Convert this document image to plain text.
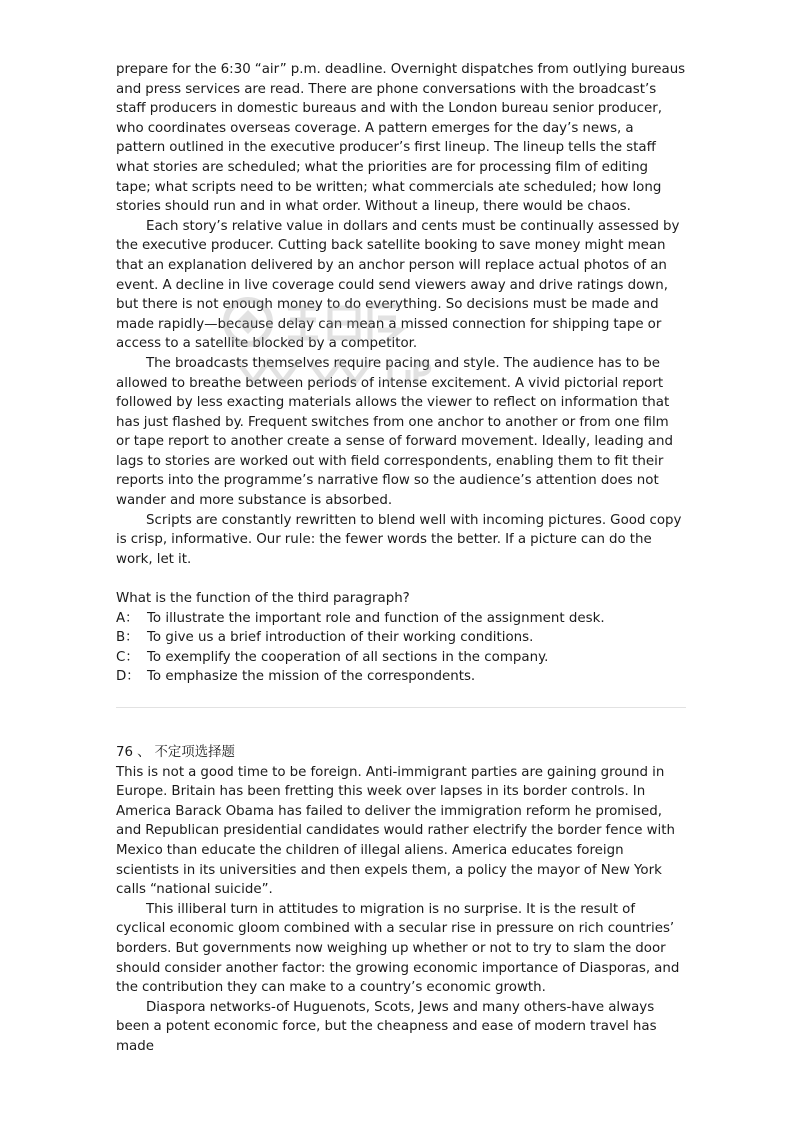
prepare for the 6:30 “air” p.m. deadline. Overnight dispatches from outlying bureaus and press services are read. There are phone conversations with the broadcast’s staff producers in domestic bureaus and with the London bureau senior producer, who coordinates overseas coverage. A pattern emerges for the day’s news, a pattern outlined in the executive producer’s first lineup. The lineup tells the staff what stories are scheduled; what the priorities are for processing film of editing tape; what scripts need to be written; what commercials ate scheduled; how long stories should run and in what order. Without a lineup, there would be chaos.

Each story’s relative value in dollars and cents must be continually assessed by the executive producer. Cutting back satellite booking to save money might mean that an explanation delivered by an anchor person will replace actual photos of an event. A decline in live coverage could send viewers away and drive ratings down, but there is not enough money to do everything. So decisions must be made and made rapidly—because delay can mean a missed connection for shipping tape or access to a satellite blocked by a competitor.

The broadcasts themselves require pacing and style. The audience has to be allowed to breathe between periods of intense excitement. A vivid pictorial report followed by less exacting materials allows the viewer to reflect on information that has just flashed by. Frequent switches from one anchor to another or from one film or tape report to another create a sense of forward movement. Ideally, leading and lags to stories are worked out with field correspondents, enabling them to fit their reports into the programme’s narrative flow so the audience’s attention does not wander and more substance is absorbed.

Scripts are constantly rewritten to blend well with incoming pictures. Good copy is crisp, informative. Our rule: the fewer words the better. If a picture can do the work, let it.

What is the function of the third paragraph?

A： To illustrate the important role and function of the assignment desk.
B： To give us a brief introduction of their working conditions.
C： To exemplify the cooperation of all sections in the company.
D： To emphasize the mission of the correspondents.

76 、 不定项选择题

This is not a good time to be foreign. Anti-immigrant parties are gaining ground in Europe. Britain has been fretting this week over lapses in its border controls. In America Barack Obama has failed to deliver the immigration reform he promised, and Republican presidential candidates would rather electrify the border fence with Mexico than educate the children of illegal aliens. America educates foreign scientists in its universities and then expels them, a policy the mayor of New York calls “national suicide”.

This illiberal turn in attitudes to migration is no surprise. It is the result of cyclical economic gloom combined with a secular rise in pressure on rich countries’ borders. But governments now weighing up whether or not to try to slam the door should consider another factor: the growing economic importance of Diasporas, and the contribution they can make to a country’s economic growth.

Diaspora networks-of Huguenots, Scots, Jews and many others-have always been a potent economic force, but the cheapness and ease of modern travel has made
